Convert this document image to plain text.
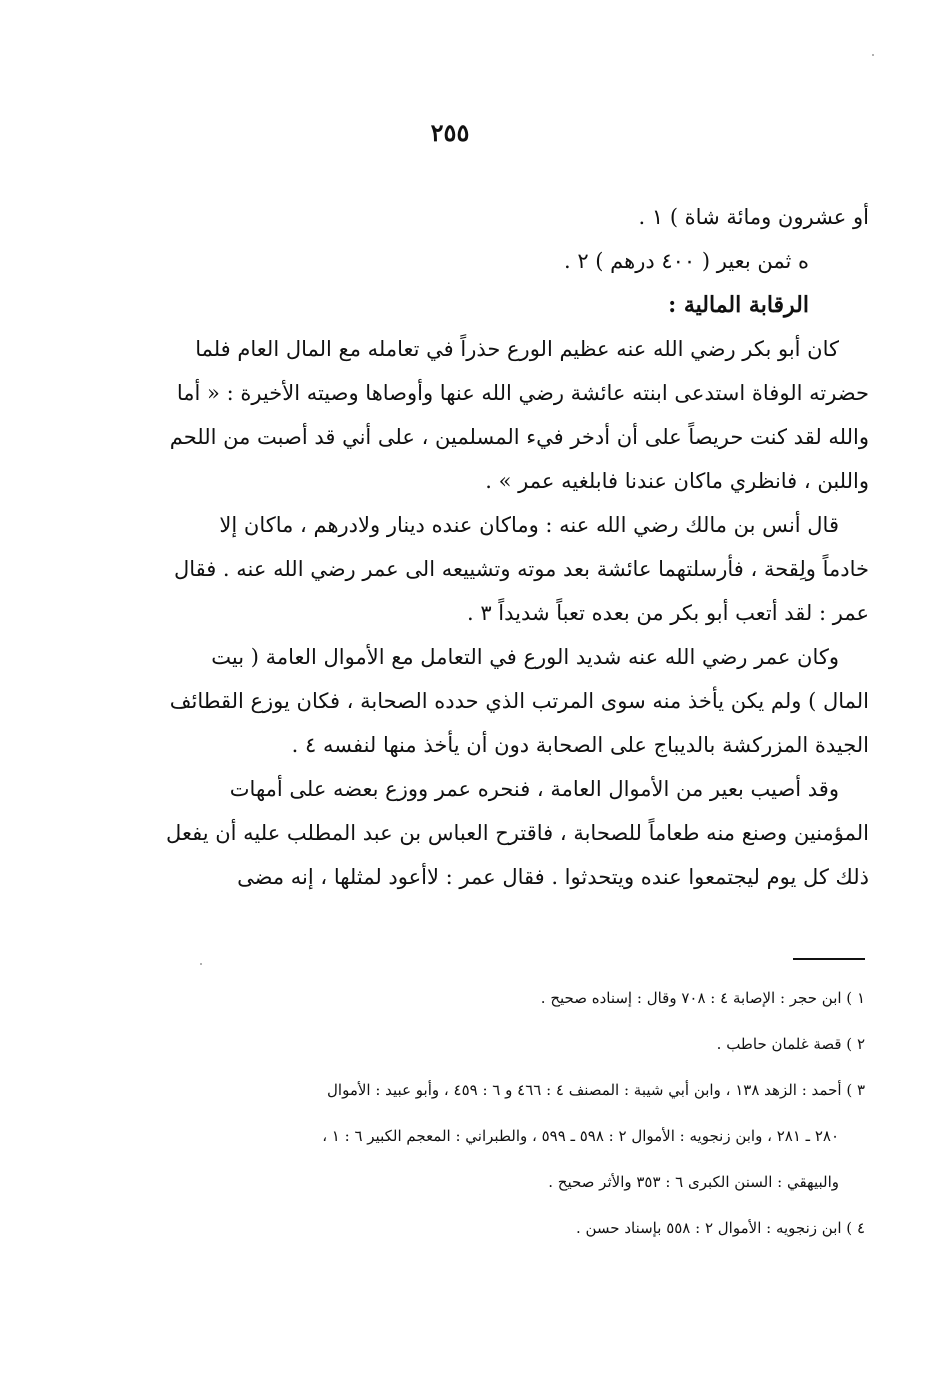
٢٥٥

أو عشرون ومائة شاة ) ١ .

ه ثمن بعير ( ٤٠٠ درهم ) ٢ .

الرقابة المالية :

كان أبو بكر رضي الله عنه عظيم الورع حذراً في تعامله مع المال العام فلما

حضرته الوفاة استدعى ابنته عائشة رضي الله عنها وأوصاها وصيته الأخيرة : « أما

والله لقد كنت حريصاً على أن أدخر فيء المسلمين ، على أني قد أصبت من اللحم

واللبن ، فانظري ماكان عندنا فابلغيه عمر » .

قال أنس بن مالك رضي الله عنه : وماكان عنده دينار ولادرهم ، ماكان إلا

خادماً ولِقحة ، فأرسلتهما عائشة بعد موته وتشييعه الى عمر رضي الله عنه . فقال

عمر : لقد أتعب أبو بكر من بعده تعباً شديداً ٣ .

وكان عمر رضي الله عنه شديد الورع في التعامل مع الأموال العامة ( بيت

المال ) ولم يكن يأخذ منه سوى المرتب الذي حدده الصحابة ، فكان يوزع القطائف

الجيدة المزركشة بالديباج على الصحابة دون أن يأخذ منها لنفسه ٤ .

وقد أصيب بعير من الأموال العامة ، فنحره عمر ووزع بعضه على أمهات

المؤمنين وصنع منه طعاماً للصحابة ، فاقترح العباس بن عبد المطلب عليه أن يفعل

ذلك كل يوم ليجتمعوا عنده ويتحدثوا . فقال عمر : لاأعود لمثلها ، إنه مضى

١ ) ابن حجر : الإصابة ٤ : ٧٠٨ وقال : إسناده صحيح .

٢ ) قصة غلمان حاطب .

٣ ) أحمد : الزهد ١٣٨ ، وابن أبي شيبة : المصنف ٤ : ٤٦٦ و ٦ : ٤٥٩ ، وأبو عبيد : الأموال

٢٨٠ ـ ٢٨١ ، وابن زنجويه : الأموال ٢ : ٥٩٨ ـ ٥٩٩ ، والطبراني : المعجم الكبير ٦ : ١ ،

والبيهقي : السنن الكبرى ٦ : ٣٥٣ والأثر صحيح .

٤ ) ابن زنجويه : الأموال ٢ : ٥٥٨ بإسناد حسن .
